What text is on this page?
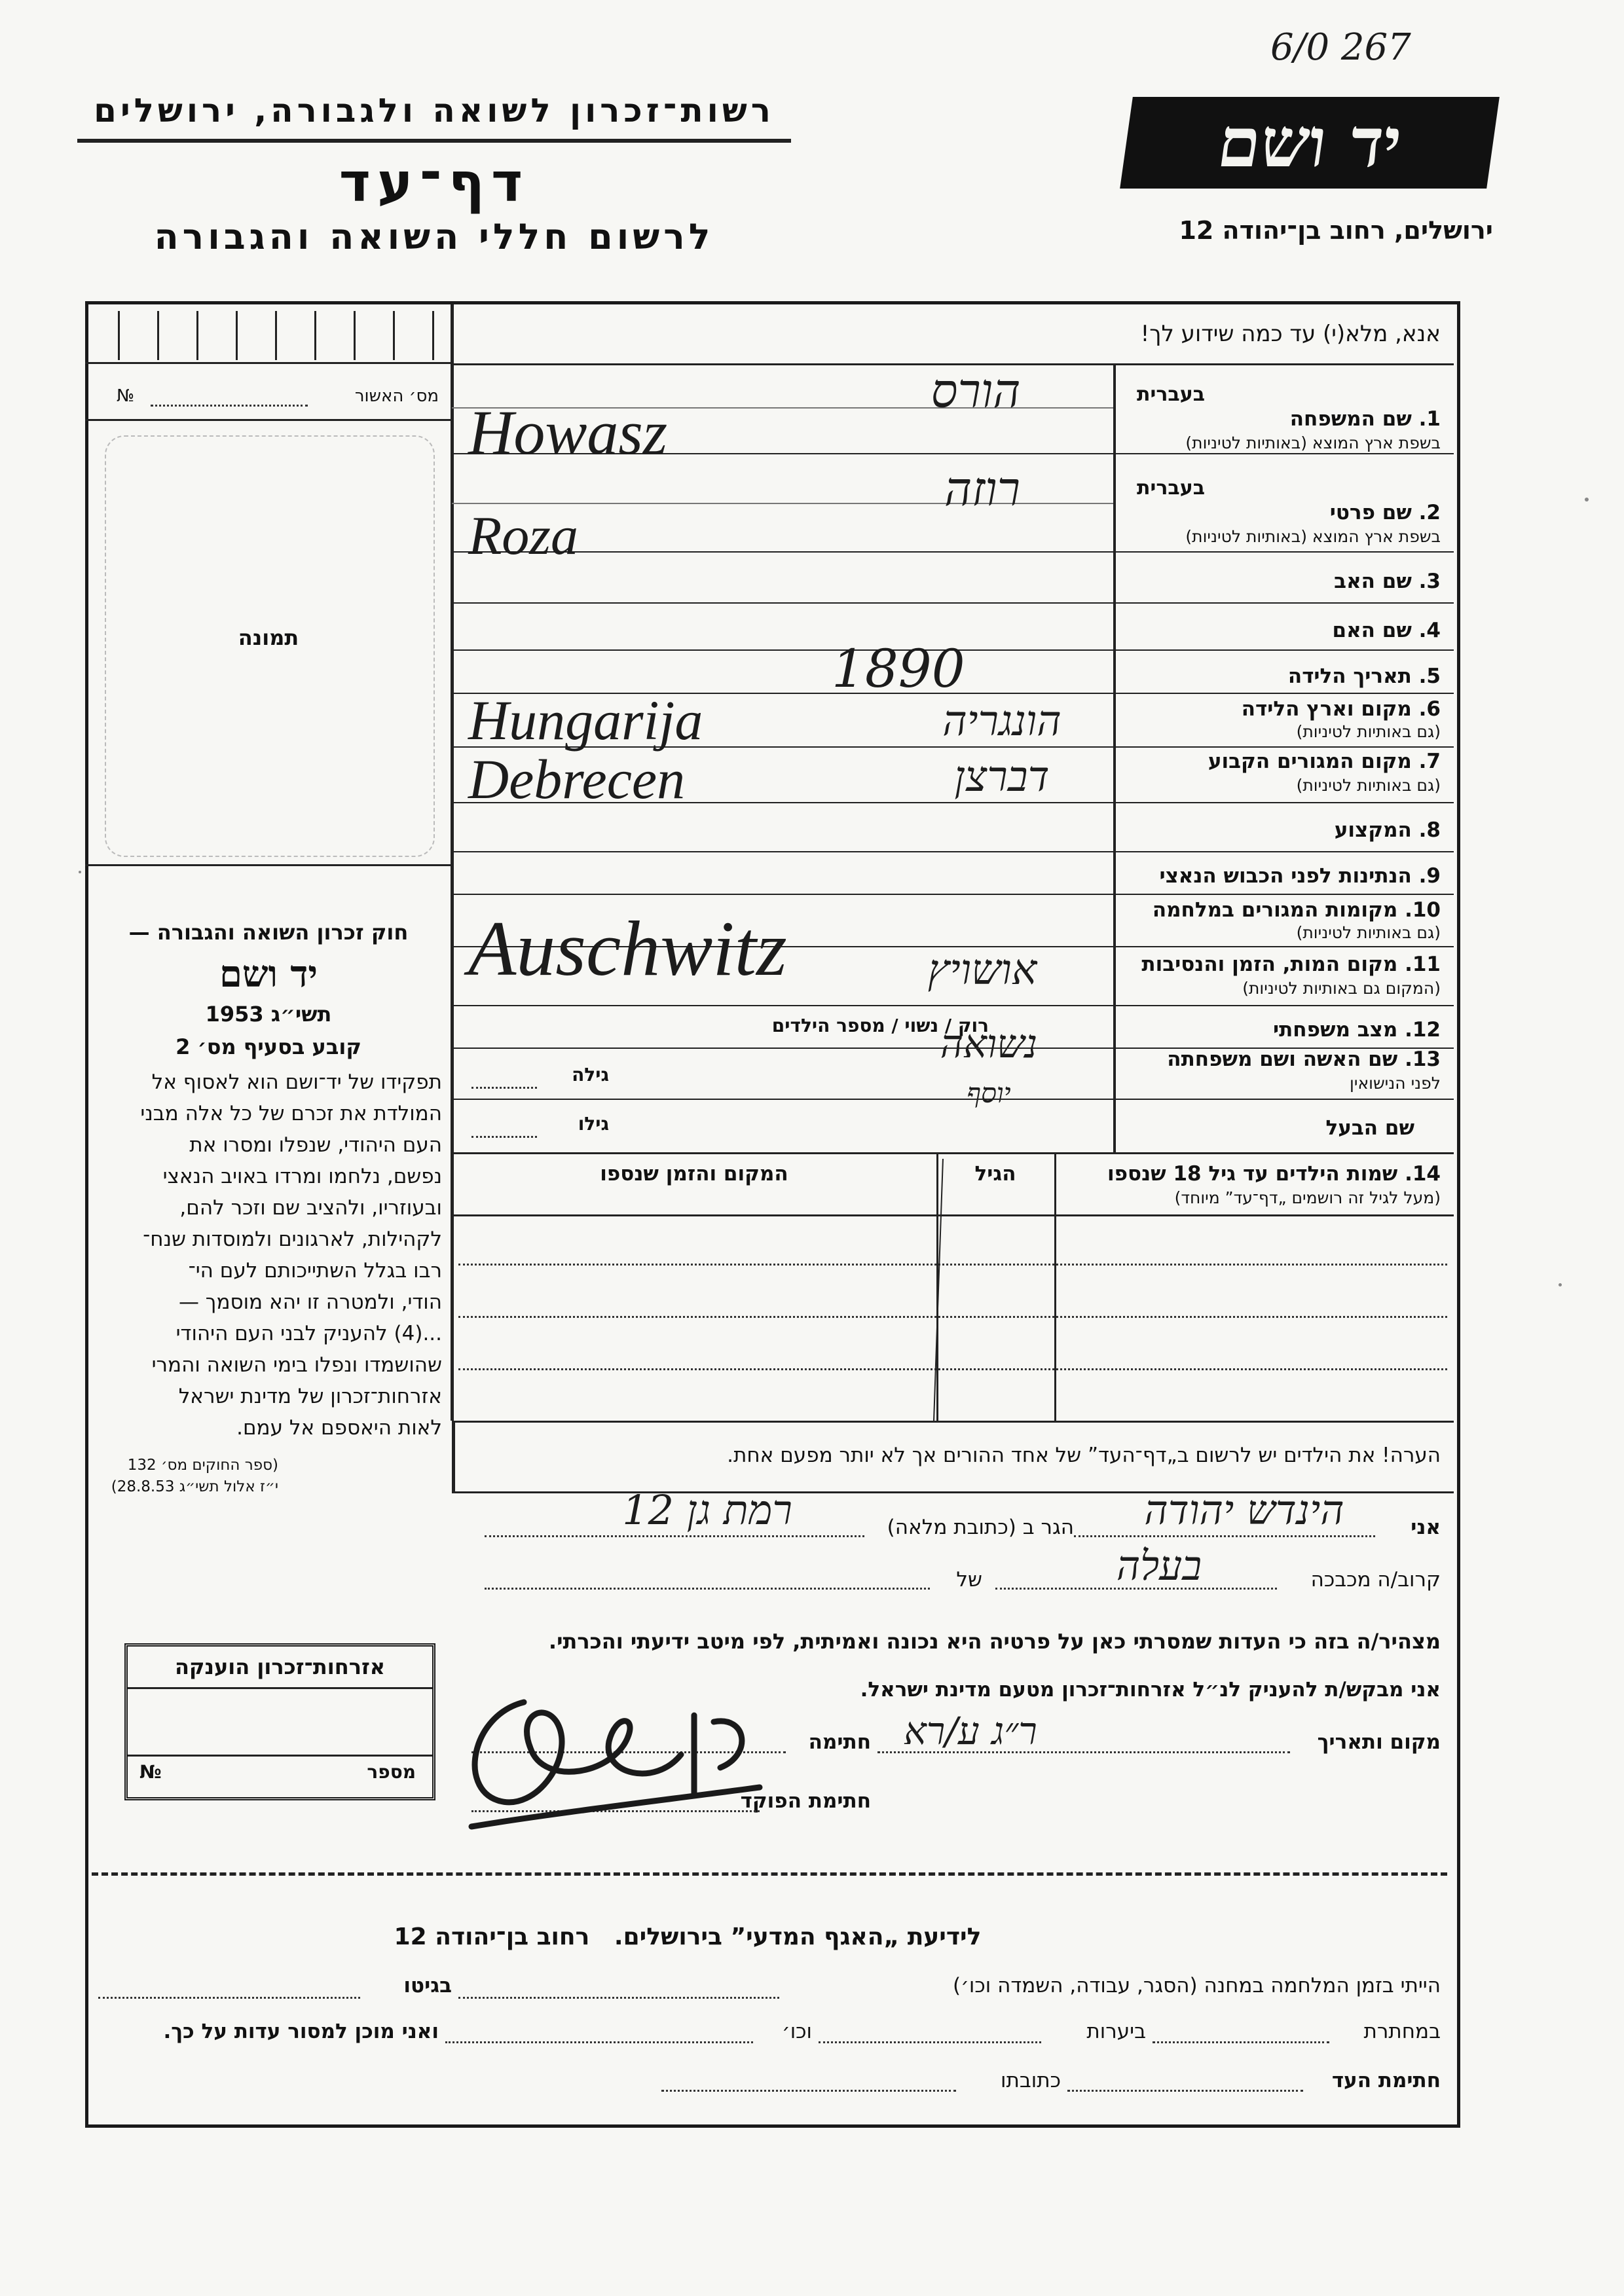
6/0 267
רשות־זכרון לשואה ולגבורה, ירושלים
דף־עד
לרשום חללי השואה והגבורה
יד ושם
ירושלים, רחוב בן־יהודה 12
אנא, מלא(י) עד כמה שידוע לך!
מס׳ האשור
№
תמונה
בעברית
1. שם המשפחה
בשפת ארץ המוצא (באותיות לטיניות)
בעברית
2. שם פרטי
בשפת ארץ המוצא (באותיות לטיניות)
3. שם האב
4. שם האם
5. תאריך הלידה
6. מקום וארץ הלידה
(גם באותיות לטיניות)
7. מקום המגורים הקבוע
(גם באותיות לטיניות)
8. המקצוע
9. הנתינות לפני הכבוש הנאצי
10. מקומות המגורים במלחמה
(גם באותיות לטיניות)
11. מקום המות, הזמן והנסיבות
(המקום גם באותיות לטיניות)
12. מצב משפחתי
רוק / נשוי / מספר הילדים
13. שם האשה ושם משפחתה
לפני הנישואין
גילה
שם הבעל
גילו
14. שמות הילדים עד גיל 18 שנספו
(מעל לגיל זה רושמים „דף־עד” מיוחד)
הגיל
המקום והזמן שנספו
חוק זכרון השואה והגבורה —
יד ושם
תשי״ג 1953
קובע בסעיף מס׳ 2
תפקידו של יד־ושם הוא לאסוף אל
המולדת את זכרם של כל אלה מבני
העם היהודי, שנפלו ומסרו את
נפשם, נלחמו ומרדו באויב הנאצי
ובעוזריו, ולהציב שם וזכר להם,
לקהילות, לארגונים ולמוסדות שנח־
רבו בגלל השתייכותם לעם הי־
הודי, ולמטרה זו יהא מוסמך —
...(4) להעניק לבני העם היהודי
שהושמדו ונפלו בימי השואה והמרי
אזרחות־זכרון של מדינת ישראל
לאות היאספם אל עמם.
(ספר החוקים מס׳ 132
י״ז אלול תשי״ג 28.8.53)
הערה! את הילדים יש לרשום ב„דף־העד” של אחד ההורים אך לא יותר מפעם אחת.
אני
הינדש יהודה
הגר ב (כתובת מלאה)
רמת גן 12
קרוב/ה מכבכה
בעלה
של
מצהיר/ה בזה כי העדות שמסרתי כאן על פרטיה היא נכונה ואמיתית, לפי מיטב ידיעתי והכרתי.
אני מבקש/ת להעניק לנ״ל אזרחות־זכרון מטעם מדינת ישראל.
מקום ותאריך
ר״ג ﬠ/ﬧﬡ
חתימה
חתימת הפוקד
אזרחות־זכרון הוענקה
מספר
№
לידיעת „האגף המדעי” בירושלים.   רחוב בן־יהודה 12
הייתי בזמן המלחמה במחנה (הסגר, עבודה, השמדה וכו׳)
בגיטו
במחתרת
ביערות
וכו׳
ואני מוכן למסור עדות על כך.
חתימת העד
כתובתו
הורס
Howasz
רוזה
Roza
1890
הונגריה
Hungarija
דברצן
Debrecen
Auschwitz	אושויץ
נשואה
יוסף
